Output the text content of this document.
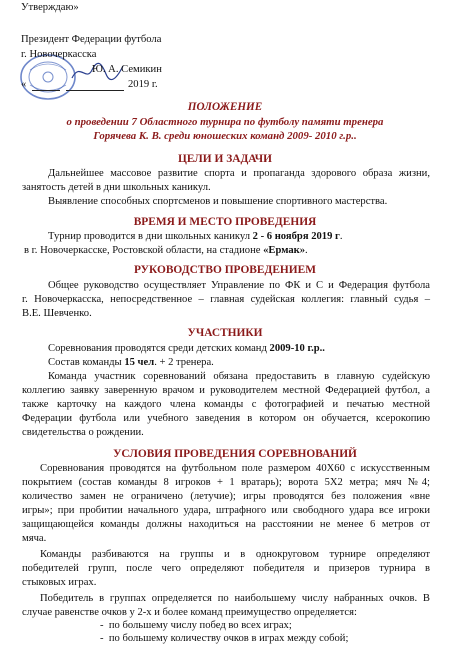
Утверждаю»
Президент Федерации футбола
г. Новочеркасска
Ю. А. Семикин
«	2019 г.
ПОЛОЖЕНИЕ
о проведении 7 Областного турнира по футболу памяти тренера
Горячева К. В. среди юношеских команд 2009- 2010 г.р..
ЦЕЛИ И ЗАДАЧИ
Дальнейшее массовое развитие спорта и пропаганда здорового образа жизни,
занятость детей в дни школьных каникул.
Выявление способных спортсменов и повышение спортивного мастерства.
ВРЕМЯ И МЕСТО ПРОВЕДЕНИЯ
Турнир проводится в дни школьных каникул 2 - 6 ноября 2019 г.
в г. Новочеркасске, Ростовской области, на стадионе «Ермак».
РУКОВОДСТВО ПРОВЕДЕНИЕМ
Общее руководство осуществляет Управление по ФК и С и Федерация футбола
г. Новочеркасска, непосредственное – главная судейская коллегия: главный судья –
В.Е. Шевченко.
УЧАСТНИКИ
Соревнования проводятся среди детских команд 2009-10 г.р..
Состав команды 15 чел. + 2 тренера.
Команда участник соревнований обязана предоставить в главную судейскую
коллегию заявку заверенную врачом и руководителем местной Федерацией футбол, а
также карточку на каждого члена команды с фотографией и печатью местной
Федерации футбола или учебного заведения в котором он обучается, ксерокопию
свидетельства о рождении.
УСЛОВИЯ ПРОВЕДЕНИЯ СОРЕВНОВАНИЙ
Соревнования проводятся на футбольном поле размером 40Х60 с искусственным
покрытием (состав команды 8 игроков + 1 вратарь); ворота 5Х2 метра; мяч №4;
количество замен не ограничено (летучие); игры проводятся без положения «вне
игры»; при пробитии начального удара, штрафного или свободного удара все игроки
защищающейся команды должны находиться на расстоянии не менее 6 метров от
мяча.
Команды разбиваются на группы и в однокруговом турнире определяют
победителей групп, после чего определяют победителя и призеров турнира в
стыковых играх.
Победитель в группах определяется по наибольшему числу набранных очков. В
случае равенстве очков у 2-х и более команд преимущество определяется:
- по большему числу побед во всех играх;
- по большему количеству очков в играх между собой;
